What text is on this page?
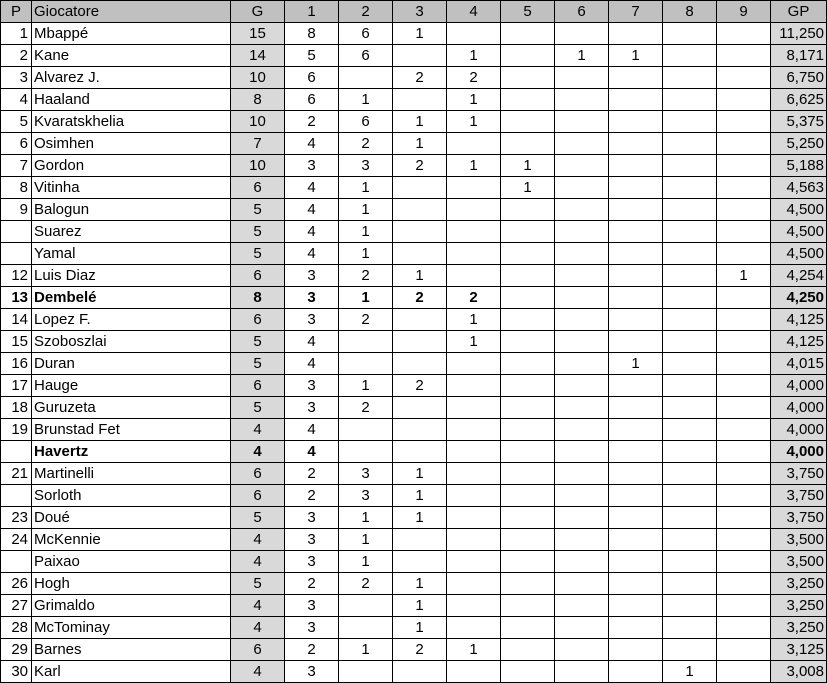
P	Giocatore	G	1	2	3	4	5	6	7	8	9	GP
1	Mbappé	15	8	6	1							11,250
2	Kane	14	5	6		1		1	1			8,171
3	Alvarez J.	10	6		2	2						6,750
4	Haaland	8	6	1		1						6,625
5	Kvaratskhelia	10	2	6	1	1						5,375
6	Osimhen	7	4	2	1							5,250
7	Gordon	10	3	3	2	1	1					5,188
8	Vitinha	6	4	1			1					4,563
9	Balogun	5	4	1								4,500
	Suarez	5	4	1								4,500
	Yamal	5	4	1								4,500
12	Luis Diaz	6	3	2	1						1	4,254
13	Dembelé	8	3	1	2	2						4,250
14	Lopez F.	6	3	2		1						4,125
15	Szoboszlai	5	4			1						4,125
16	Duran	5	4						1			4,015
17	Hauge	6	3	1	2							4,000
18	Guruzeta	5	3	2								4,000
19	Brunstad Fet	4	4									4,000
	Havertz	4	4									4,000
21	Martinelli	6	2	3	1							3,750
	Sorloth	6	2	3	1							3,750
23	Doué	5	3	1	1							3,750
24	McKennie	4	3	1								3,500
	Paixao	4	3	1								3,500
26	Hogh	5	2	2	1							3,250
27	Grimaldo	4	3		1							3,250
28	McTominay	4	3		1							3,250
29	Barnes	6	2	1	2	1						3,125
30	Karl	4	3							1		3,008
